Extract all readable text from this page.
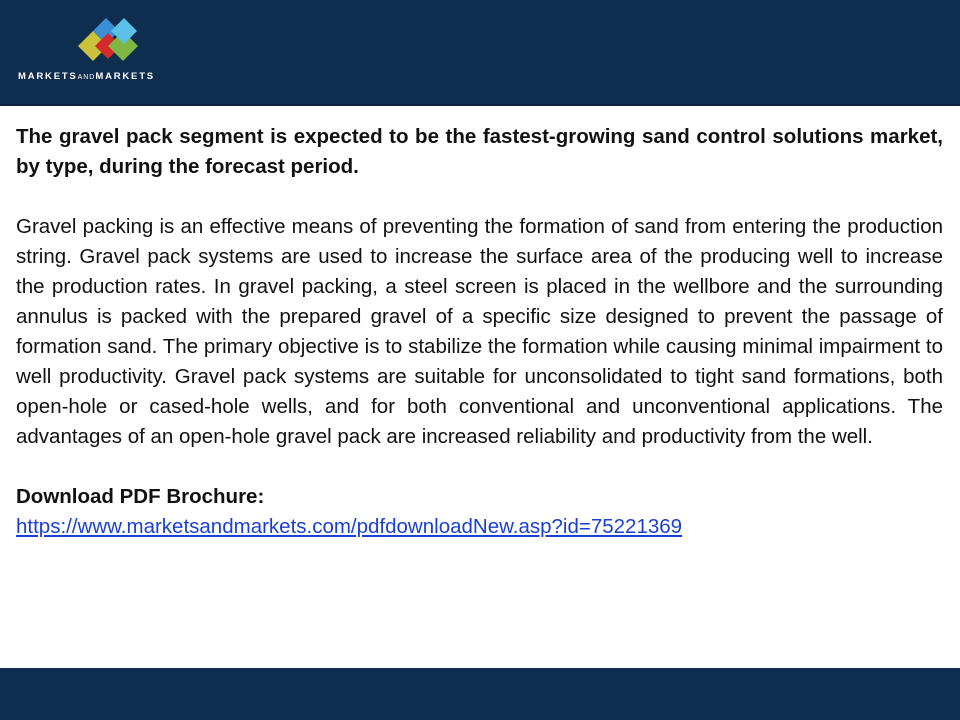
MARKETSANDMARKETS

The gravel pack segment is expected to be the fastest-growing sand control solutions market, by type, during the forecast period.

Gravel packing is an effective means of preventing the formation of sand from entering the production string. Gravel pack systems are used to increase the surface area of the producing well to increase the production rates. In gravel packing, a steel screen is placed in the wellbore and the surrounding annulus is packed with the prepared gravel of a specific size designed to prevent the passage of formation sand. The primary objective is to stabilize the formation while causing minimal impairment to well productivity. Gravel pack systems are suitable for unconsolidated to tight sand formations, both open-hole or cased-hole wells, and for both conventional and unconventional applications. The advantages of an open-hole gravel pack are increased reliability and productivity from the well.

Download PDF Brochure:
https://www.marketsandmarkets.com/pdfdownloadNew.asp?id=75221369
